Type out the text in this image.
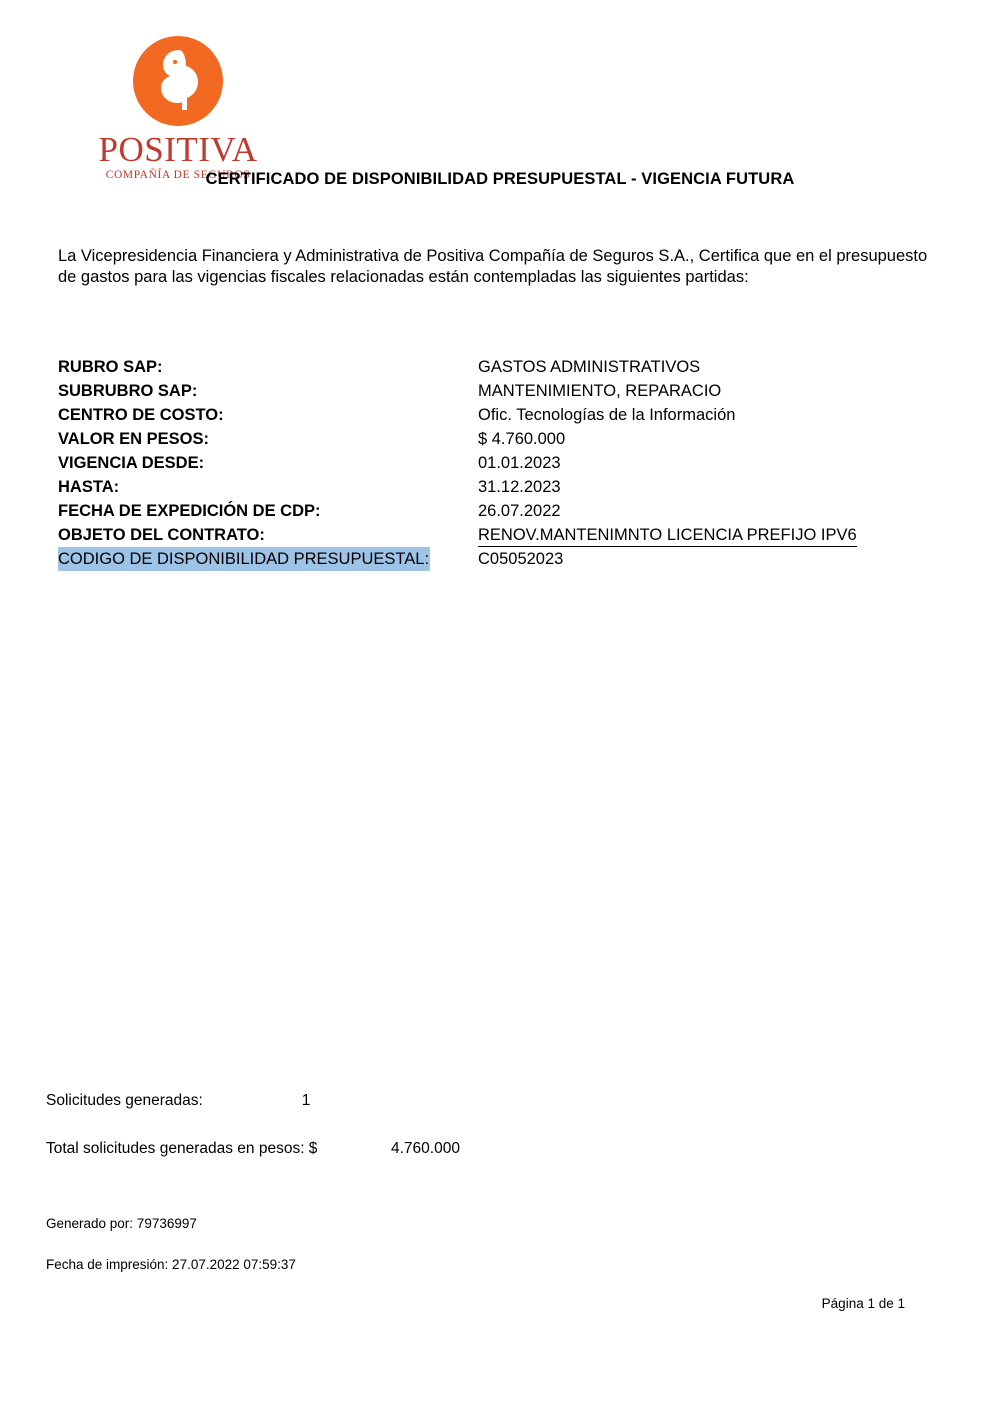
POSITIVA
COMPAÑÍA DE SEGUROS
CERTIFICADO DE DISPONIBILIDAD PRESUPUESTAL - VIGENCIA FUTURA
La Vicepresidencia Financiera y Administrativa de Positiva Compañía de Seguros S.A., Certifica que en el presupuesto de gastos para las vigencias fiscales relacionadas están contempladas las siguientes partidas:
RUBRO SAP:	GASTOS ADMINISTRATIVOS
SUBRUBRO SAP:	MANTENIMIENTO, REPARACIO
CENTRO DE COSTO:	Ofic. Tecnologías de la Información
VALOR EN PESOS:	$ 4.760.000
VIGENCIA DESDE:	01.01.2023
HASTA:	31.12.2023
FECHA DE EXPEDICIÓN DE CDP:	26.07.2022
OBJETO DEL CONTRATO:	RENOV.MANTENIMNTO LICENCIA PREFIJO IPV6
CODIGO DE DISPONIBILIDAD PRESUPUESTAL:	C05052023
Solicitudes generadas:	1
Total solicitudes generadas en pesos: $	4.760.000
Generado por: 79736997
Fecha de impresión: 27.07.2022 07:59:37
Página 1 de 1
